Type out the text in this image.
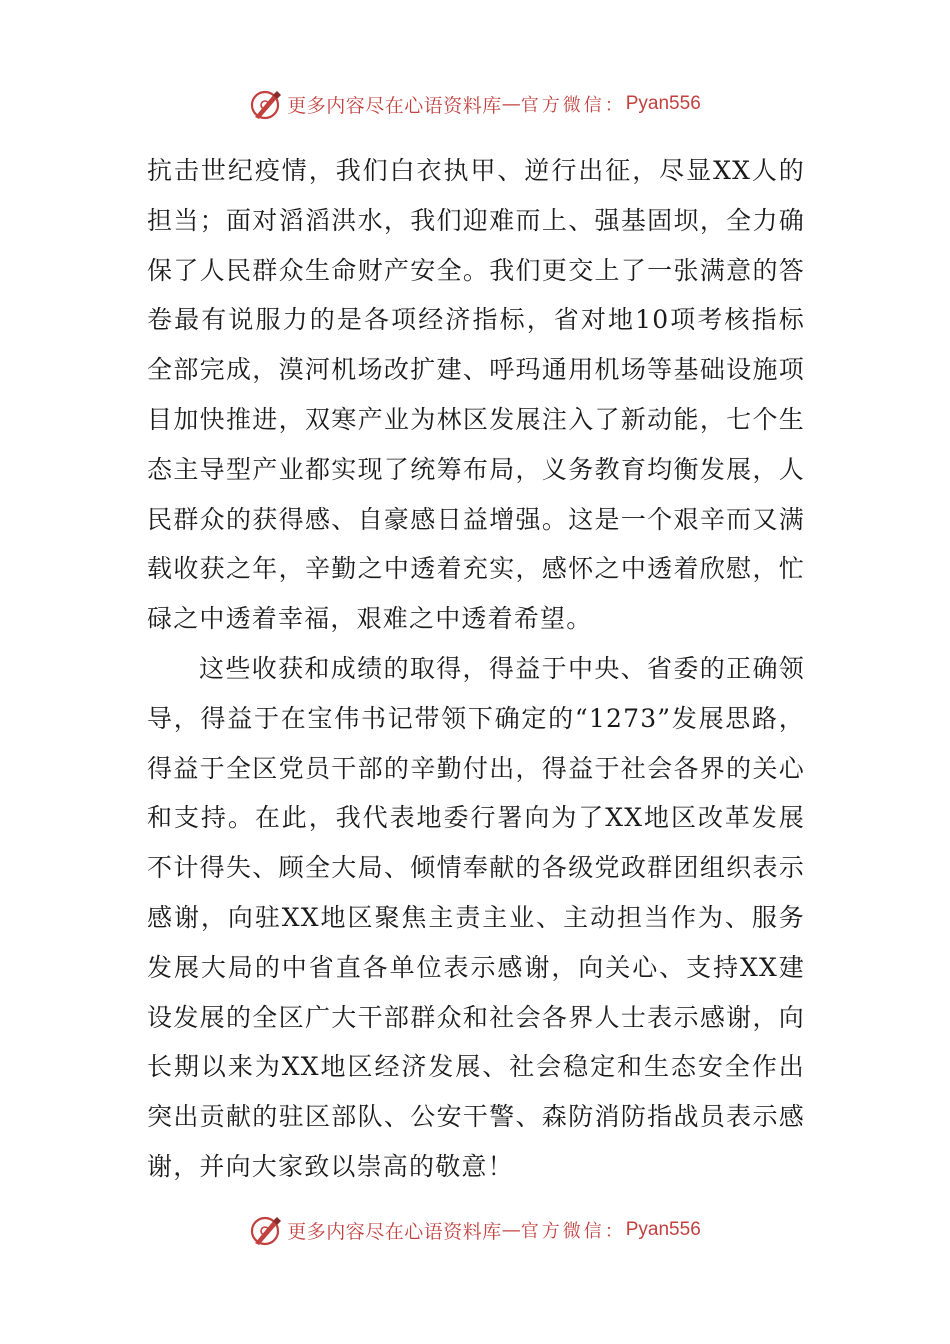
更多内容尽在心语资料库 — 官方微信： Pyan556

抗击世纪疫情，我们白衣执甲、逆行出征，尽显XX人的担当；面对滔滔洪水，我们迎难而上、强基固坝，全力确保了人民群众生命财产安全。我们更交上了一张满意的答卷最有说服力的是各项经济指标，省对地10项考核指标全部完成，漠河机场改扩建、呼玛通用机场等基础设施项目加快推进，双寒产业为林区发展注入了新动能，七个生态主导型产业都实现了统筹布局，义务教育均衡发展，人民群众的获得感、自豪感日益增强。这是一个艰辛而又满载收获之年，辛勤之中透着充实，感怀之中透着欣慰，忙碌之中透着幸福，艰难之中透着希望。

这些收获和成绩的取得，得益于中央、省委的正确领导，得益于在宝伟书记带领下确定的“1273”发展思路，得益于全区党员干部的辛勤付出，得益于社会各界的关心和支持。在此，我代表地委行署向为了XX地区改革发展不计得失、顾全大局、倾情奉献的各级党政群团组织表示感谢，向驻XX地区聚焦主责主业、主动担当作为、服务发展大局的中省直各单位表示感谢，向关心、支持XX建设发展的全区广大干部群众和社会各界人士表示感谢，向长期以来为XX地区经济发展、社会稳定和生态安全作出突出贡献的驻区部队、公安干警、森防消防指战员表示感谢，并向大家致以崇高的敬意！

更多内容尽在心语资料库 — 官方微信： Pyan556
